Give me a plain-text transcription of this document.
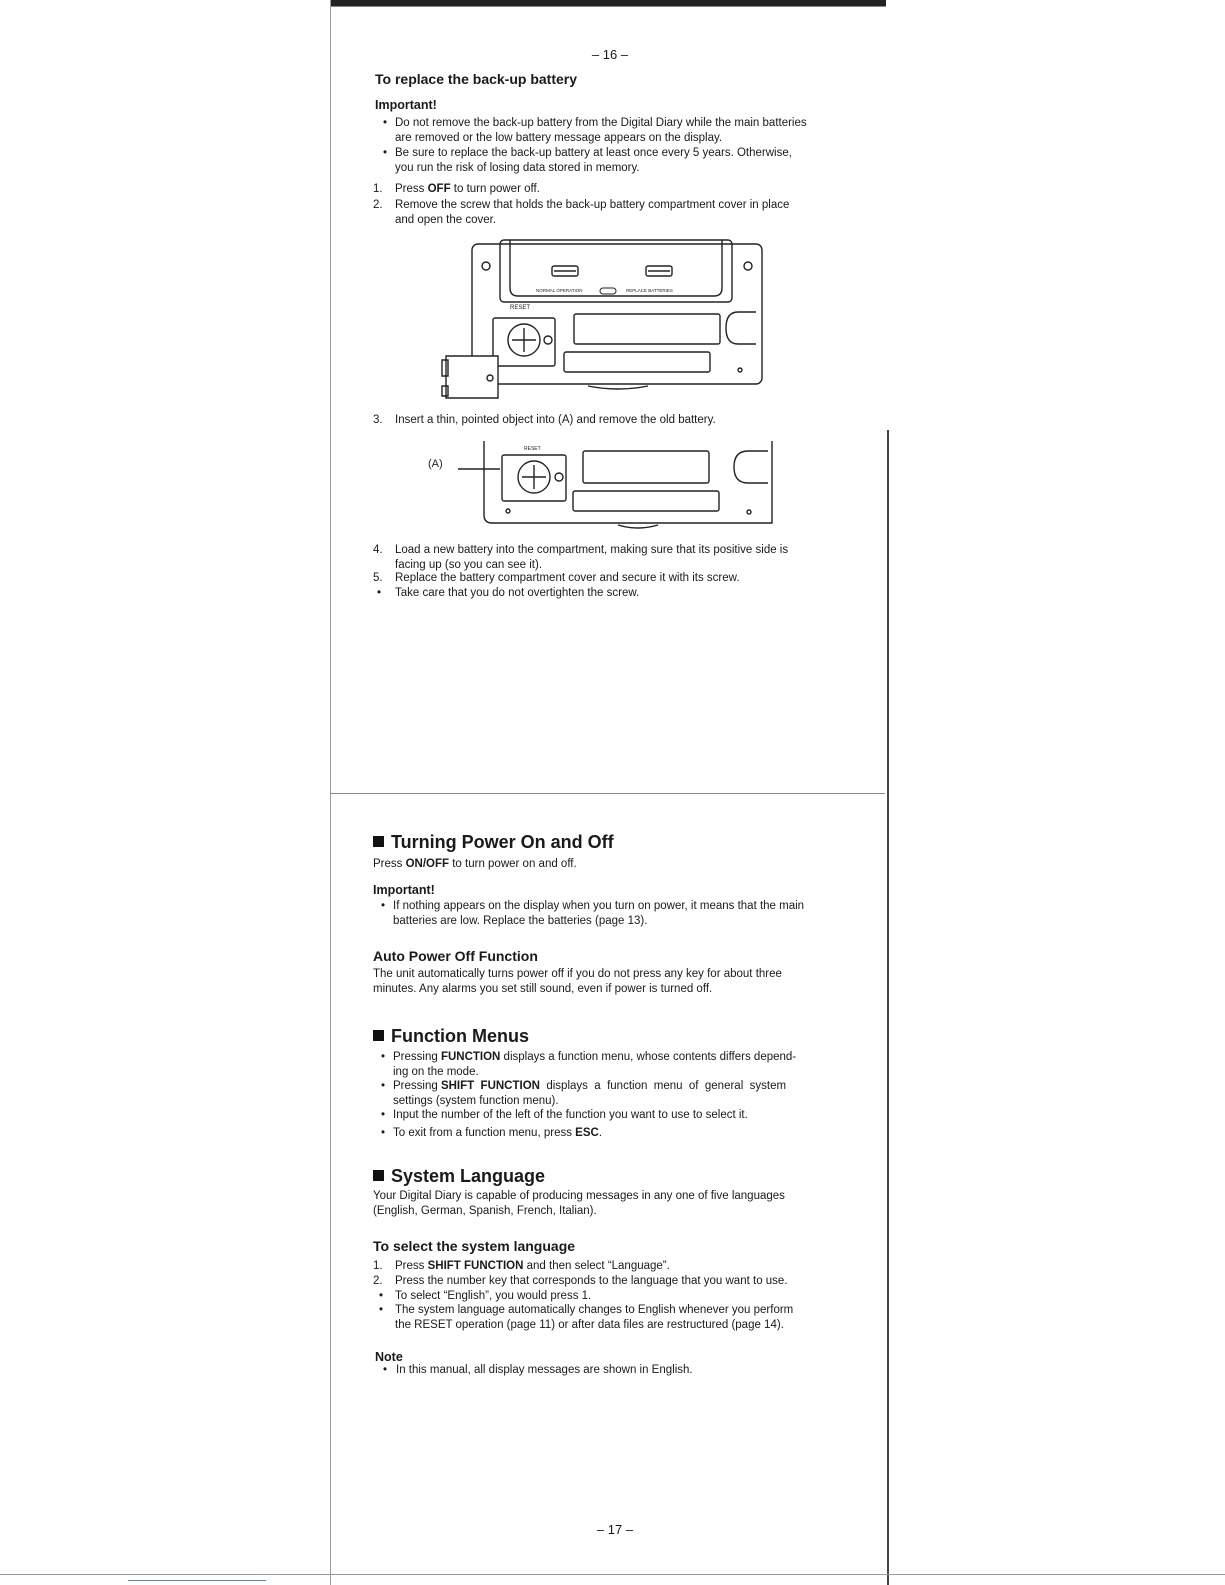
– 16 –
To replace the back-up battery
Important!
• Do not remove the back-up battery from the Digital Diary while the main batteries
are removed or the low battery message appears on the display.
• Be sure to replace the back-up battery at least once every 5 years. Otherwise,
you run the risk of losing data stored in memory.
1. Press OFF to turn power off.
2. Remove the screw that holds the back-up battery compartment cover in place
and open the cover.
RESET
NORMAL OPERATION	REPLACE BATTERIES
3. Insert a thin, pointed object into (A) and remove the old battery.
(A)
RESET
4. Load a new battery into the compartment, making sure that its positive side is
facing up (so you can see it).
5. Replace the battery compartment cover and secure it with its screw.
• Take care that you do not overtighten the screw.
Turning Power On and Off
Press ON/OFF to turn power on and off.
Important!
• If nothing appears on the display when you turn on power, it means that the main
batteries are low. Replace the batteries (page 13).
Auto Power Off Function
The unit automatically turns power off if you do not press any key for about three
minutes. Any alarms you set still sound, even if power is turned off.
Function Menus
• Pressing FUNCTION displays a function menu, whose contents differs depend-
ing on the mode.
• Pressing SHIFT  FUNCTION  displays  a  function  menu  of  general  system
settings (system function menu).
• Input the number of the left of the function you want to use to select it.
• To exit from a function menu, press ESC.
System Language
Your Digital Diary is capable of producing messages in any one of five languages
(English, German, Spanish, French, Italian).
To select the system language
1. Press SHIFT FUNCTION and then select “Language”.
2. Press the number key that corresponds to the language that you want to use.
• To select “English”, you would press 1.
• The system language automatically changes to English whenever you perform
the RESET operation (page 11) or after data files are restructured (page 14).
Note
• In this manual, all display messages are shown in English.
– 17 –
